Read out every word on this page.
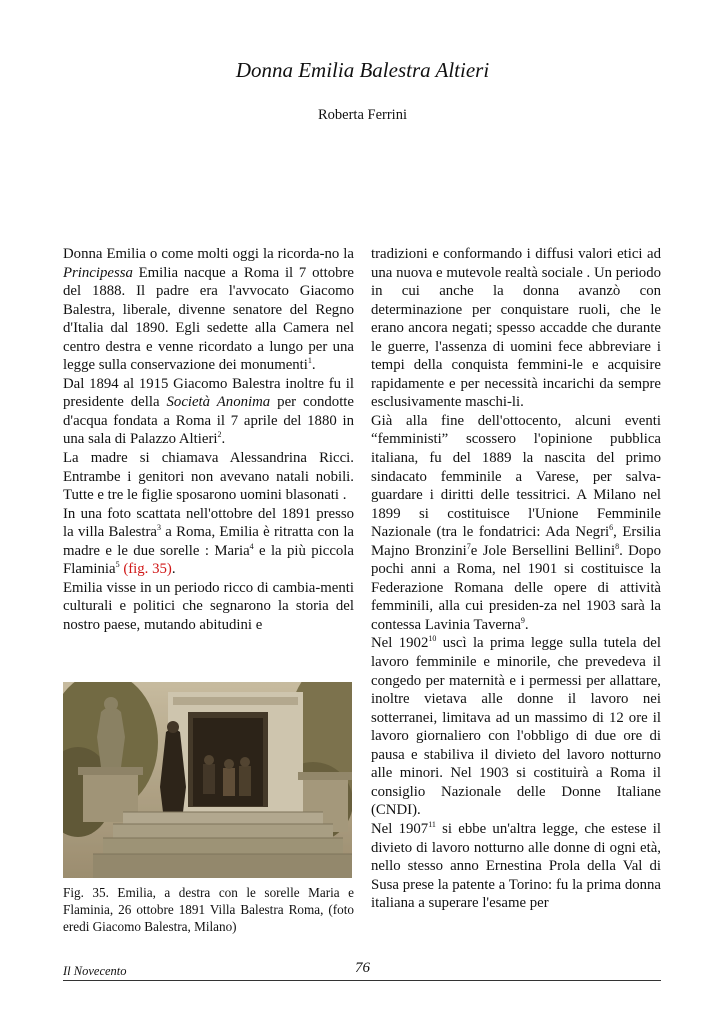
Donna Emilia Balestra Altieri
Roberta Ferrini

Donna Emilia o come molti oggi la ricorda-no la Principessa Emilia nacque a Roma il 7 ottobre del 1888. Il padre era l'avvocato Giacomo Balestra, liberale, divenne senatore del Regno d'Italia dal 1890. Egli sedette alla Camera nel centro destra e venne ricordato a lungo per una legge sulla conservazione dei monumenti$^1$.

Dal 1894 al 1915 Giacomo Balestra inoltre fu il presidente della Società Anonima per condotte d'acqua fondata a Roma il 7 aprile del 1880 in una sala di Palazzo Altieri$^2$.

La madre si chiamava Alessandrina Ricci. Entrambe i genitori non avevano natali nobili. Tutte e tre le figlie sposarono uomini blasonati .

In una foto scattata nell'ottobre del 1891 presso la villa Balestra$^3$ a Roma, Emilia è ritratta con la madre e le due sorelle : Maria$^4$ e la più piccola Flaminia$^5$ (fig. 35).

Emilia visse in un periodo ricco di cambia-menti culturali e politici che segnarono la storia del nostro paese, mutando abitudini e

Fig. 35. Emilia, a destra con le sorelle Maria e Flaminia, 26 ottobre 1891 Villa Balestra Roma, (foto eredi Giacomo Balestra, Milano)

tradizioni e conformando i diffusi valori etici ad una nuova e mutevole realtà sociale . Un periodo in cui anche la donna avanzò con determinazione per conquistare ruoli, che le erano ancora negati; spesso accadde che durante le guerre, l'assenza di uomini fece abbreviare i tempi della conquista femmini-le e acquisire rapidamente e per necessità incarichi da sempre esclusivamente maschi-li.

Già alla fine dell'ottocento, alcuni eventi “femministi” scossero l'opinione pubblica italiana, fu del 1889 la nascita del primo sindacato femminile a Varese, per salva-guardare i diritti delle tessitrici. A Milano nel 1899 si costituisce l'Unione Femminile Nazionale (tra le fondatrici: Ada Negri$^6$, Ersilia Majno Bronzini$^7$e Jole Bersellini Bellini$^8$. Dopo pochi anni a Roma, nel 1901 si costituisce la Federazione Romana delle opere di attività femminili, alla cui presiden-za nel 1903 sarà la contessa Lavinia Taverna$^9$.

Nel 1902$^{10}$ uscì la prima legge sulla tutela del lavoro femminile e minorile, che prevedeva il congedo per maternità e i permessi per allattare, inoltre vietava alle donne il lavoro nei sotterranei, limitava ad un massimo di 12 ore il lavoro giornaliero con l'obbligo di due ore di pausa e stabiliva il divieto del lavoro notturno alle minori. Nel 1903 si costituirà a Roma il consiglio Nazionale delle Donne Italiane (CNDI).

Nel 1907$^{11}$ si ebbe un'altra legge, che estese il divieto di lavoro notturno alle donne di ogni età, nello stesso anno Ernestina Prola della Val di Susa prese la patente a Torino: fu la prima donna italiana a superare l'esame per

Il Novecento	76
